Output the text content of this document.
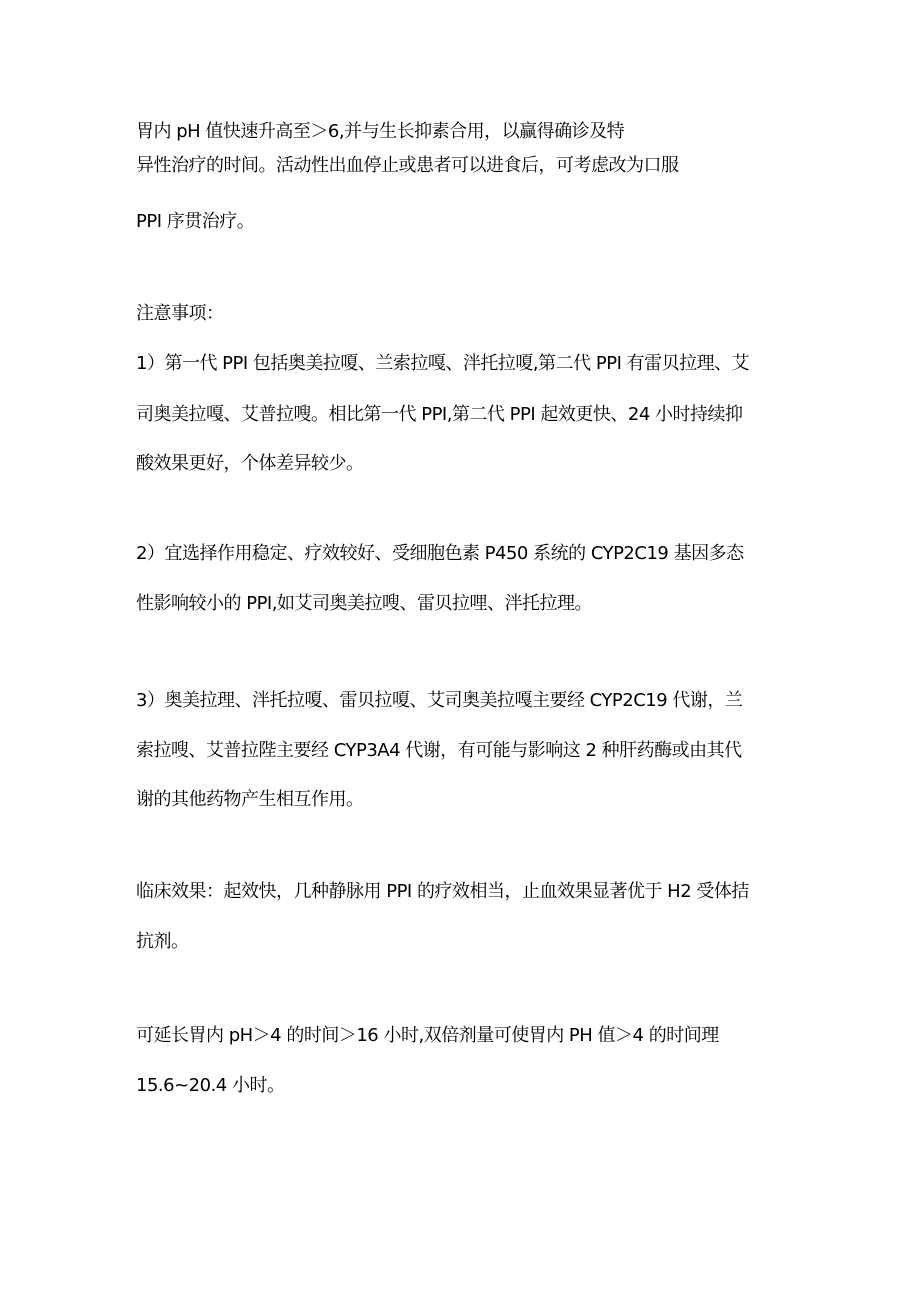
胃内 pH 值快速升高至＞6,并与生长抑素合用，以赢得确诊及特
异性治疗的时间。活动性出血停止或患者可以进食后，可考虑改为口服
PPI 序贯治疗。
注意事项：
1）第一代 PPI 包括奥美拉嗄、兰索拉嘎、泮托拉嗄,第二代 PPI 有雷贝拉理、艾
司奥美拉嘎、艾普拉嗖。相比第一代 PPI,第二代 PPI 起效更快、24 小时持续抑
酸效果更好，个体差异较少。
2）宜选择作用稳定、疗效较好、受细胞色素 P450 系统的 CYP2C19 基因多态
性影响较小的 PPI,如艾司奥美拉嗖、雷贝拉哩、泮托拉理。
3）奥美拉理、泮托拉嗄、雷贝拉嗄、艾司奥美拉嘎主要经 CYP2C19 代谢，兰
索拉嗖、艾普拉陛主要经 CYP3A4 代谢，有可能与影响这 2 种肝药酶或由其代
谢的其他药物产生相互作用。
临床效果：起效快，几种静脉用 PPI 的疗效相当，止血效果显著优于 H2 受体拮
抗剂。
可延长胃内 pH＞4 的时间＞16 小时,双倍剂量可使胃内 PH 值＞4 的时间理
15.6~20.4 小时。
